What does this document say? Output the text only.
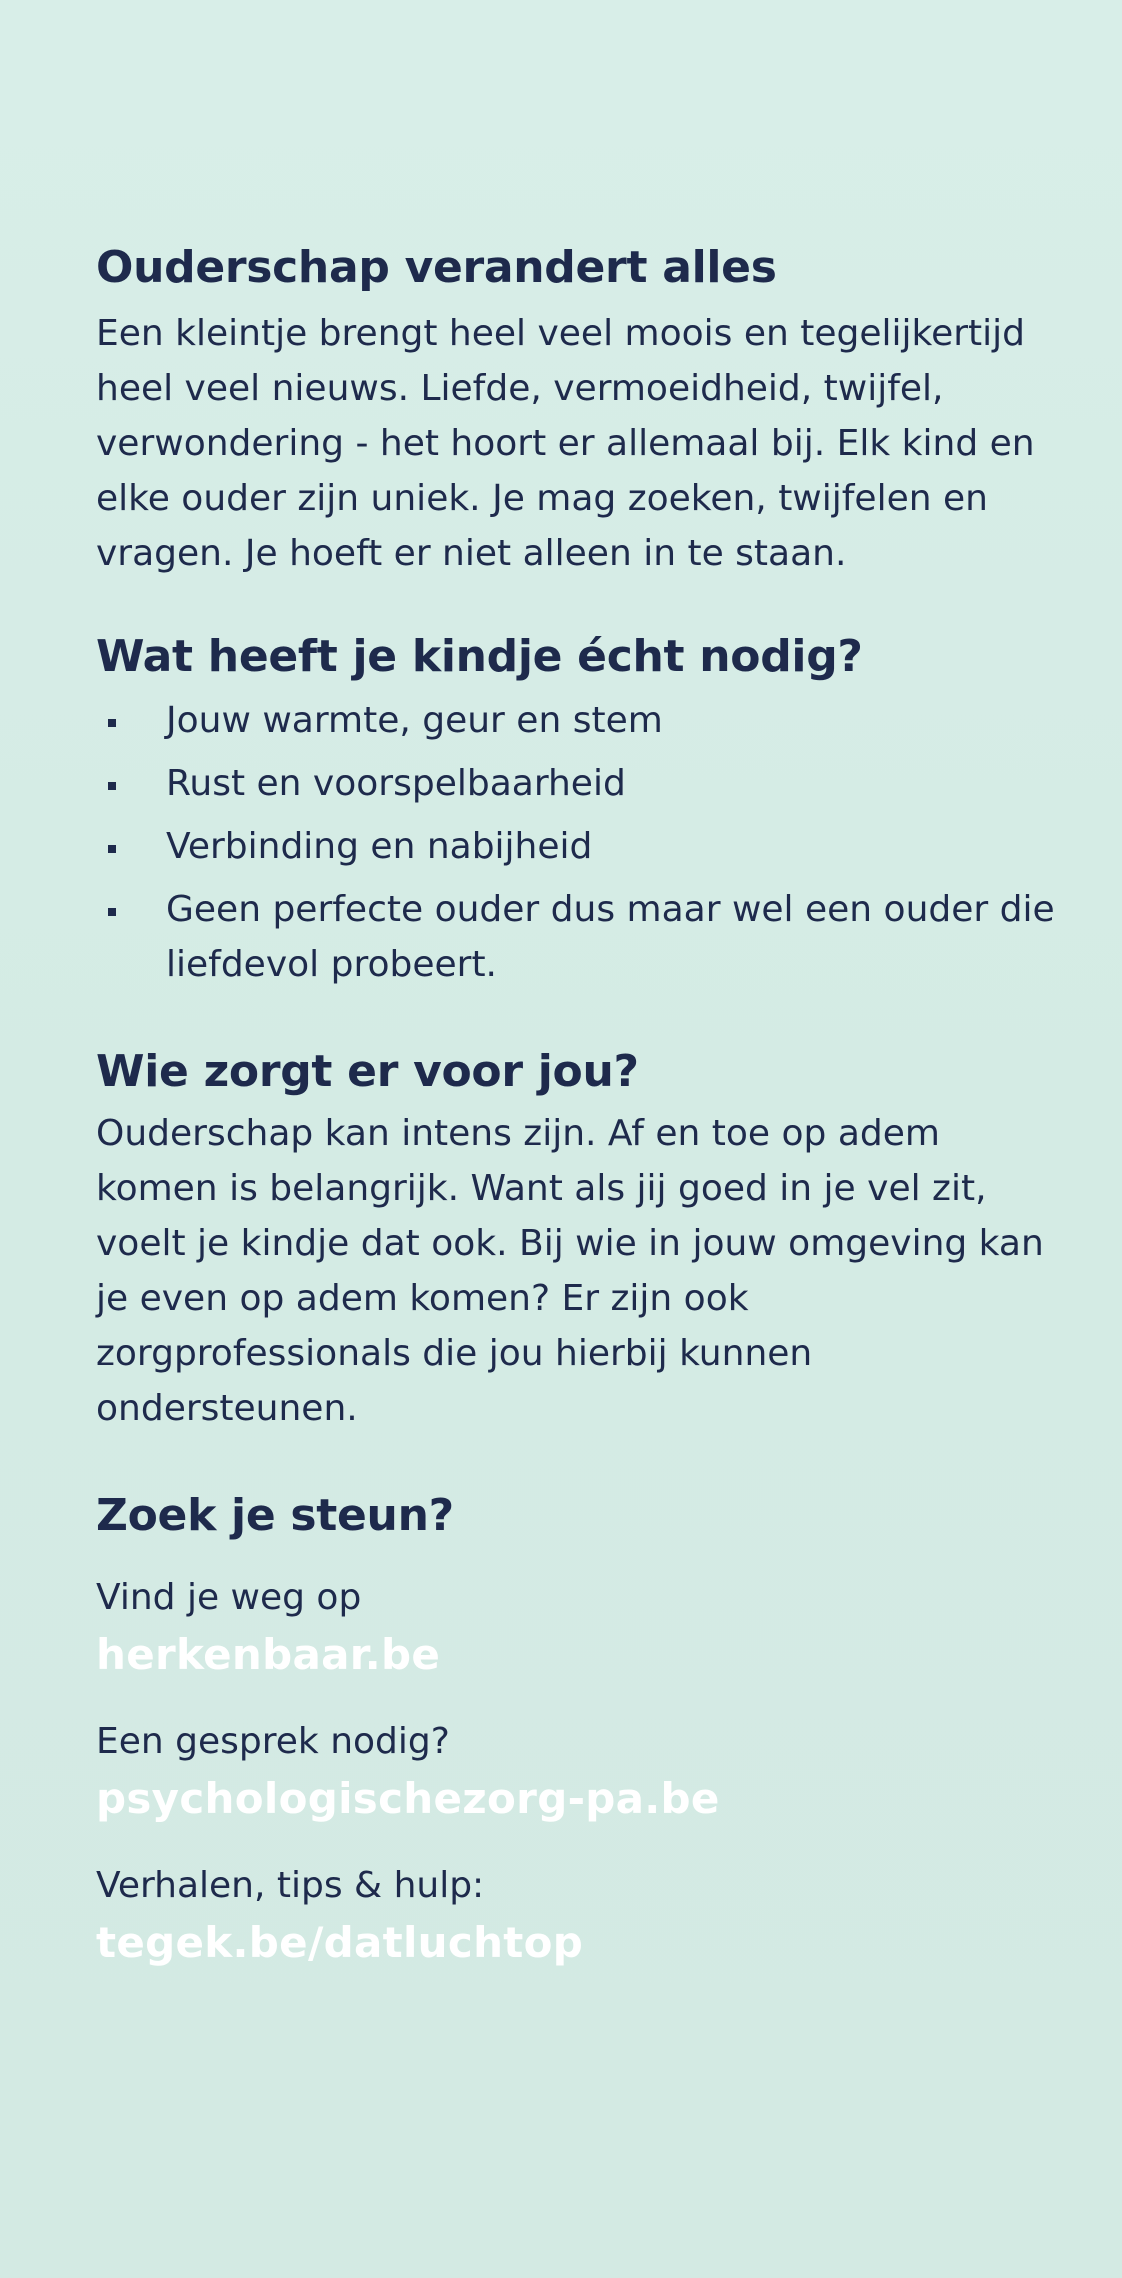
Ouderschap verandert alles

Een kleintje brengt heel veel moois en tegelijkertijd heel veel nieuws. Liefde, vermoeidheid, twijfel, verwondering - het hoort er allemaal bij. Elk kind en elke ouder zijn uniek. Je mag zoeken, twijfelen en vragen. Je hoeft er niet alleen in te staan.

Wat heeft je kindje écht nodig?
Jouw warmte, geur en stem
Rust en voorspelbaarheid
Verbinding en nabijheid
Geen perfecte ouder dus maar wel een ouder die liefdevol probeert.
Wie zorgt er voor jou?

Ouderschap kan intens zijn. Af en toe op adem komen is belangrijk. Want als jij goed in je vel zit, voelt je kindje dat ook. Bij wie in jouw omgeving kan je even op adem komen? Er zijn ook zorgprofessionals die jou hierbij kunnen ondersteunen.

Zoek je steun?
Vind je weg op
herkenbaar.be
Een gesprek nodig?
psychologischezorg-pa.be
Verhalen, tips & hulp:
tegek.be/datluchtop
